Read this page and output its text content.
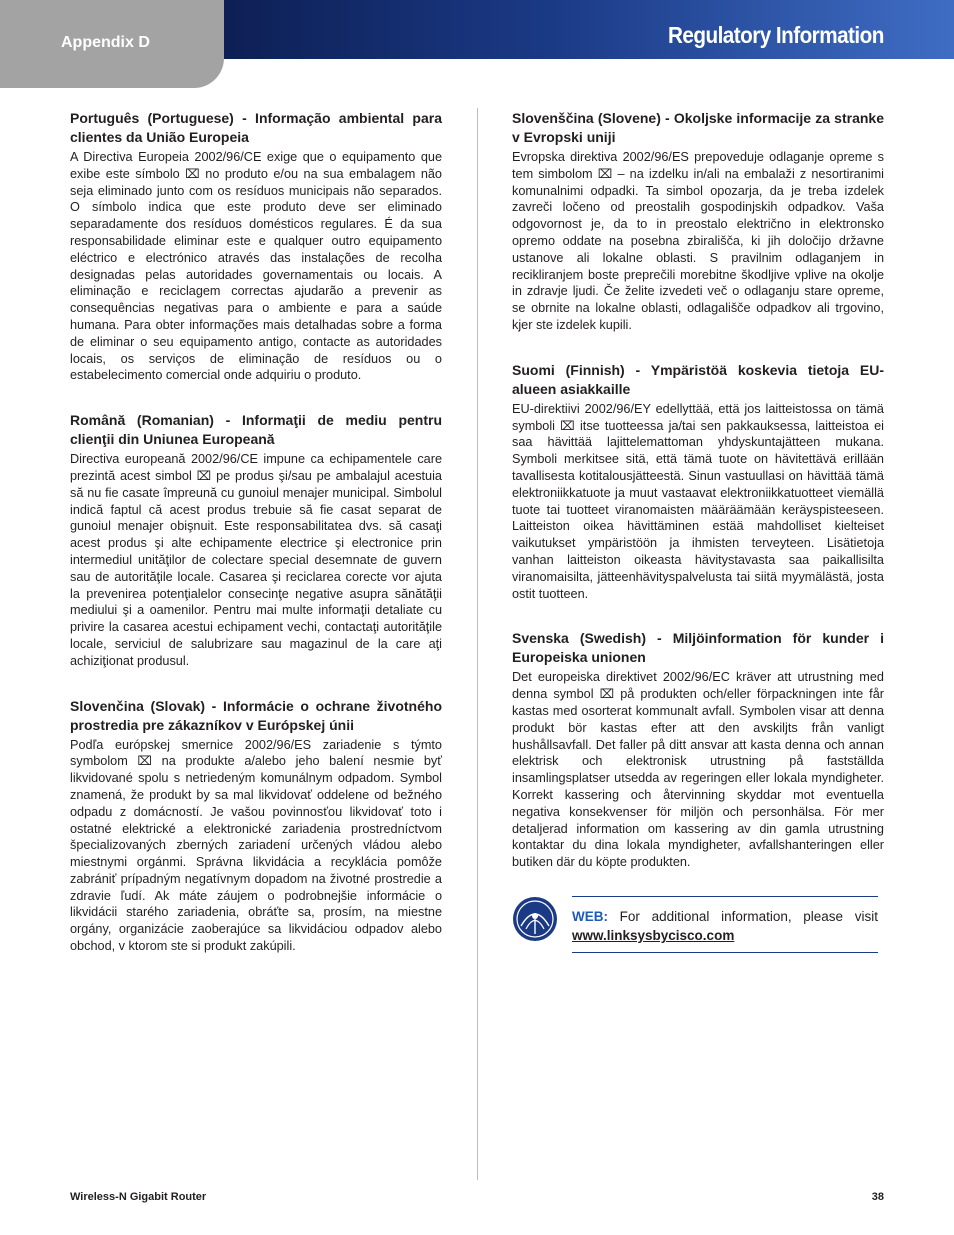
Appendix D	Regulatory Information
Português (Portuguese) - Informação ambiental para clientes da União Europeia

A Directiva Europeia 2002/96/CE exige que o equipamento que exibe este símbolo ⌧ no produto e/ou na sua embalagem não seja eliminado junto com os resíduos municipais não separados. O símbolo indica que este produto deve ser eliminado separadamente dos resíduos domésticos regulares. É da sua responsabilidade eliminar este e qualquer outro equipamento eléctrico e electrónico através das instalações de recolha designadas pelas autoridades governamentais ou locais. A eliminação e reciclagem correctas ajudarão a prevenir as consequências negativas para o ambiente e para a saúde humana. Para obter informações mais detalhadas sobre a forma de eliminar o seu equipamento antigo, contacte as autoridades locais, os serviços de eliminação de resíduos ou o estabelecimento comercial onde adquiriu o produto.

Română (Romanian) - Informaţii de mediu pentru clienţii din Uniunea Europeană

Directiva europeană 2002/96/CE impune ca echipamentele care prezintă acest simbol ⌧ pe produs şi/sau pe ambalajul acestuia să nu fie casate împreună cu gunoiul menajer municipal. Simbolul indică faptul că acest produs trebuie să fie casat separat de gunoiul menajer obişnuit. Este responsabilitatea dvs. să casaţi acest produs şi alte echipamente electrice şi electronice prin intermediul unităţilor de colectare special desemnate de guvern sau de autorităţile locale. Casarea şi reciclarea corecte vor ajuta la prevenirea potenţialelor consecinţe negative asupra sănătăţii mediului şi a oamenilor. Pentru mai multe informaţii detaliate cu privire la casarea acestui echipament vechi, contactaţi autorităţile locale, serviciul de salubrizare sau magazinul de la care aţi achiziţionat produsul.

Slovenčina (Slovak) - Informácie o ochrane životného prostredia pre zákazníkov v Európskej únii

Podľa európskej smernice 2002/96/ES zariadenie s týmto symbolom ⌧ na produkte a/alebo jeho balení nesmie byť likvidované spolu s netriedeným komunálnym odpadom. Symbol znamená, že produkt by sa mal likvidovať oddelene od bežného odpadu z domácností. Je vašou povinnosťou likvidovať toto i ostatné elektrické a elektronické zariadenia prostredníctvom špecializovaných zberných zariadení určených vládou alebo miestnymi orgánmi. Správna likvidácia a recyklácia pomôže zabrániť prípadným negatívnym dopadom na životné prostredie a zdravie ľudí. Ak máte záujem o podrobnejšie informácie o likvidácii starého zariadenia, obráťte sa, prosím, na miestne orgány, organizácie zaoberajúce sa likvidáciou odpadov alebo obchod, v ktorom ste si produkt zakúpili.

Slovenščina (Slovene) - Okoljske informacije za stranke v Evropski uniji

Evropska direktiva 2002/96/ES prepoveduje odlaganje opreme s tem simbolom ⌧ – na izdelku in/ali na embalaži z nesortiranimi komunalnimi odpadki. Ta simbol opozarja, da je treba izdelek zavreči ločeno od preostalih gospodinjskih odpadkov. Vaša odgovornost je, da to in preostalo električno in elektronsko opremo oddate na posebna zbirališča, ki jih določijo državne ustanove ali lokalne oblasti. S pravilnim odlaganjem in recikliranjem boste preprečili morebitne škodljive vplive na okolje in zdravje ljudi. Če želite izvedeti več o odlaganju stare opreme, se obrnite na lokalne oblasti, odlagališče odpadkov ali trgovino, kjer ste izdelek kupili.

Suomi (Finnish) - Ympäristöä koskevia tietoja EU-alueen asiakkaille

EU-direktiivi 2002/96/EY edellyttää, että jos laitteistossa on tämä symboli ⌧ itse tuotteessa ja/tai sen pakkauksessa, laitteistoa ei saa hävittää lajittelemattoman yhdyskuntajätteen mukana. Symboli merkitsee sitä, että tämä tuote on hävitettävä erillään tavallisesta kotitalousjätteestä. Sinun vastuullasi on hävittää tämä elektroniikkatuote ja muut vastaavat elektroniikkatuotteet viemällä tuote tai tuotteet viranomaisten määräämään keräyspisteeseen. Laitteiston oikea hävittäminen estää mahdolliset kielteiset vaikutukset ympäristöön ja ihmisten terveyteen. Lisätietoja vanhan laitteiston oikeasta hävitystavasta saa paikallisilta viranomaisilta, jätteenhävityspalvelusta tai siitä myymälästä, josta ostit tuotteen.

Svenska (Swedish) - Miljöinformation för kunder i Europeiska unionen

Det europeiska direktivet 2002/96/EC kräver att utrustning med denna symbol ⌧ på produkten och/eller förpackningen inte får kastas med osorterat kommunalt avfall. Symbolen visar att denna produkt bör kastas efter att den avskiljts från vanligt hushållsavfall. Det faller på ditt ansvar att kasta denna och annan elektrisk och elektronisk utrustning på fastställda insamlingsplatser utsedda av regeringen eller lokala myndigheter. Korrekt kassering och återvinning skyddar mot eventuella negativa konsekvenser för miljön och personhälsa. För mer detaljerad information om kassering av din gamla utrustning kontaktar du dina lokala myndigheter, avfallshanteringen eller butiken där du köpte produkten.

WEB: For additional information, please visit www.linksysbycisco.com
Wireless-N Gigabit Router	38
